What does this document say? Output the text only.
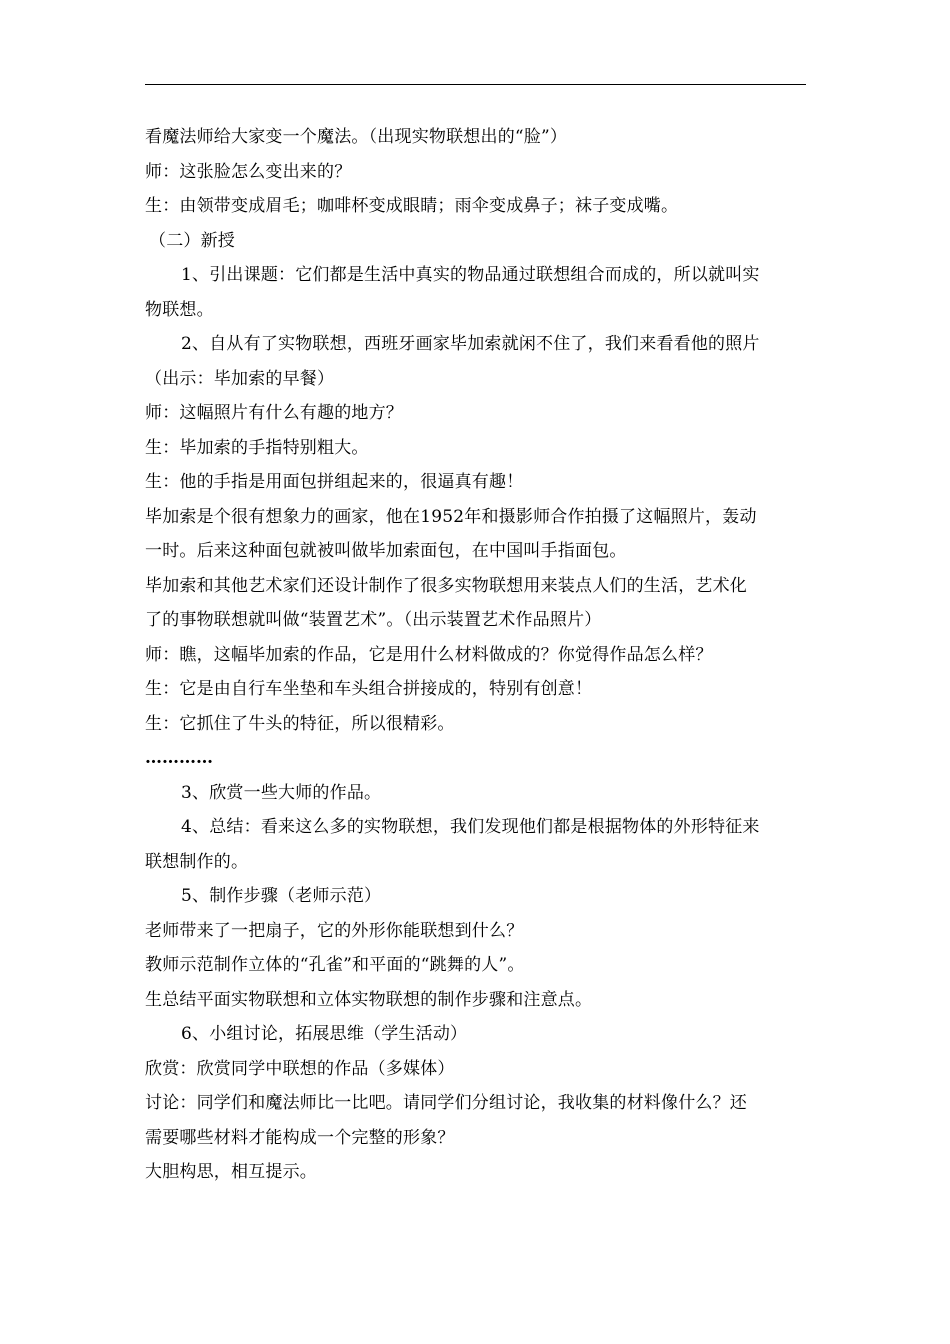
看魔法师给大家变一个魔法。（出现实物联想出的“脸”）
师：这张脸怎么变出来的？
生：由领带变成眉毛；咖啡杯变成眼睛；雨伞变成鼻子；袜子变成嘴。
（二）新授
1、引出课题：它们都是生活中真实的物品通过联想组合而成的，所以就叫实
物联想。
2、自从有了实物联想，西班牙画家毕加索就闲不住了，我们来看看他的照片
（出示：毕加索的早餐）
师：这幅照片有什么有趣的地方？
生：毕加索的手指特别粗大。
生：他的手指是用面包拼组起来的，很逼真有趣！
毕加索是个很有想象力的画家，他在1952年和摄影师合作拍摄了这幅照片，轰动
一时。后来这种面包就被叫做毕加索面包，在中国叫手指面包。
毕加索和其他艺术家们还设计制作了很多实物联想用来装点人们的生活，艺术化
了的事物联想就叫做“装置艺术”。（出示装置艺术作品照片）
师：瞧，这幅毕加索的作品，它是用什么材料做成的？你觉得作品怎么样？
生：它是由自行车坐垫和车头组合拼接成的，特别有创意！
生：它抓住了牛头的特征，所以很精彩。
…………
3、欣赏一些大师的作品。
4、总结：看来这么多的实物联想，我们发现他们都是根据物体的外形特征来
联想制作的。
5、制作步骤（老师示范）
老师带来了一把扇子，它的外形你能联想到什么？
教师示范制作立体的“孔雀”和平面的“跳舞的人”。
生总结平面实物联想和立体实物联想的制作步骤和注意点。
6、小组讨论，拓展思维（学生活动）
欣赏：欣赏同学中联想的作品（多媒体）
讨论：同学们和魔法师比一比吧。请同学们分组讨论，我收集的材料像什么？还
需要哪些材料才能构成一个完整的形象？
大胆构思，相互提示。
